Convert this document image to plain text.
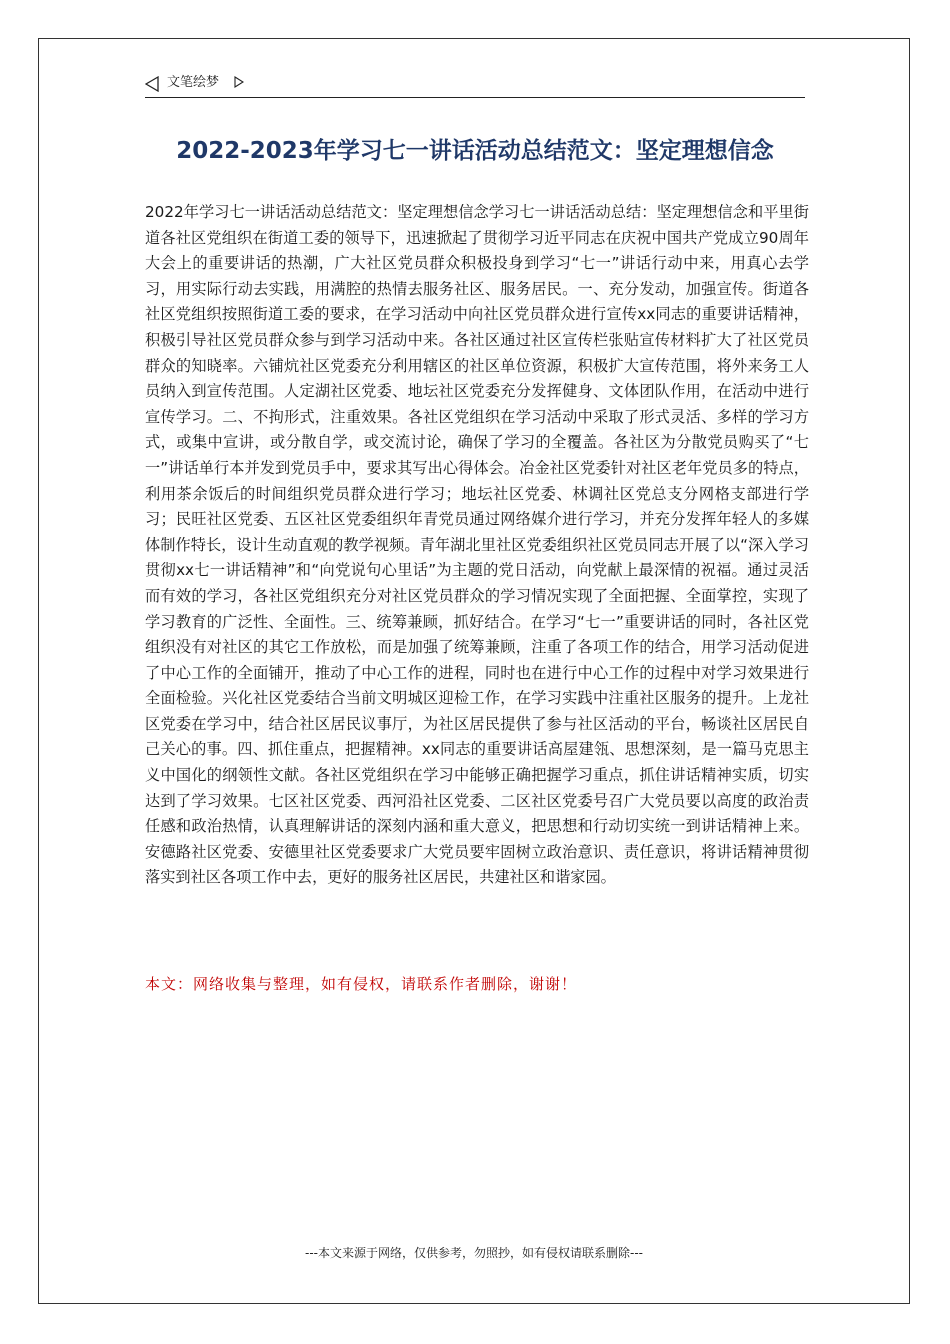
文笔绘梦
2022-2023年学习七一讲话活动总结范文：坚定理想信念

2022年学习七一讲话活动总结范文：坚定理想信念学习七一讲话活动总结：坚定理想信念和平里街道各社区党组织在街道工委的领导下，迅速掀起了贯彻学习近平同志在庆祝中国共产党成立90周年大会上的重要讲话的热潮，广大社区党员群众积极投身到学习“七一”讲话行动中来，用真心去学习，用实际行动去实践，用满腔的热情去服务社区、服务居民。一、充分发动，加强宣传。街道各社区党组织按照街道工委的要求，在学习活动中向社区党员群众进行宣传xx同志的重要讲话精神，积极引导社区党员群众参与到学习活动中来。各社区通过社区宣传栏张贴宣传材料扩大了社区党员群众的知晓率。六铺炕社区党委充分利用辖区的社区单位资源，积极扩大宣传范围，将外来务工人员纳入到宣传范围。人定湖社区党委、地坛社区党委充分发挥健身、文体团队作用，在活动中进行宣传学习。二、不拘形式，注重效果。各社区党组织在学习活动中采取了形式灵活、多样的学习方式，或集中宣讲，或分散自学，或交流讨论，确保了学习的全覆盖。各社区为分散党员购买了“七一”讲话单行本并发到党员手中，要求其写出心得体会。冶金社区党委针对社区老年党员多的特点，利用茶余饭后的时间组织党员群众进行学习；地坛社区党委、林调社区党总支分网格支部进行学习；民旺社区党委、五区社区党委组织年青党员通过网络媒介进行学习，并充分发挥年轻人的多媒体制作特长，设计生动直观的教学视频。青年湖北里社区党委组织社区党员同志开展了以“深入学习贯彻xx七一讲话精神”和“向党说句心里话”为主题的党日活动，向党献上最深情的祝福。通过灵活而有效的学习，各社区党组织充分对社区党员群众的学习情况实现了全面把握、全面掌控，实现了学习教育的广泛性、全面性。三、统筹兼顾，抓好结合。在学习“七一”重要讲话的同时，各社区党组织没有对社区的其它工作放松，而是加强了统筹兼顾，注重了各项工作的结合，用学习活动促进了中心工作的全面铺开，推动了中心工作的进程，同时也在进行中心工作的过程中对学习效果进行全面检验。兴化社区党委结合当前文明城区迎检工作，在学习实践中注重社区服务的提升。上龙社区党委在学习中，结合社区居民议事厅，为社区居民提供了参与社区活动的平台，畅谈社区居民自己关心的事。四、抓住重点，把握精神。xx同志的重要讲话高屋建瓴、思想深刻，是一篇马克思主义中国化的纲领性文献。各社区党组织在学习中能够正确把握学习重点，抓住讲话精神实质，切实达到了学习效果。七区社区党委、西河沿社区党委、二区社区党委号召广大党员要以高度的政治责任感和政治热情，认真理解讲话的深刻内涵和重大意义，把思想和行动切实统一到讲话精神上来。安德路社区党委、安德里社区党委要求广大党员要牢固树立政治意识、责任意识，将讲话精神贯彻落实到社区各项工作中去，更好的服务社区居民，共建社区和谐家园。

本文：网络收集与整理，如有侵权，请联系作者删除，谢谢！
---本文来源于网络，仅供参考，勿照抄，如有侵权请联系删除---
